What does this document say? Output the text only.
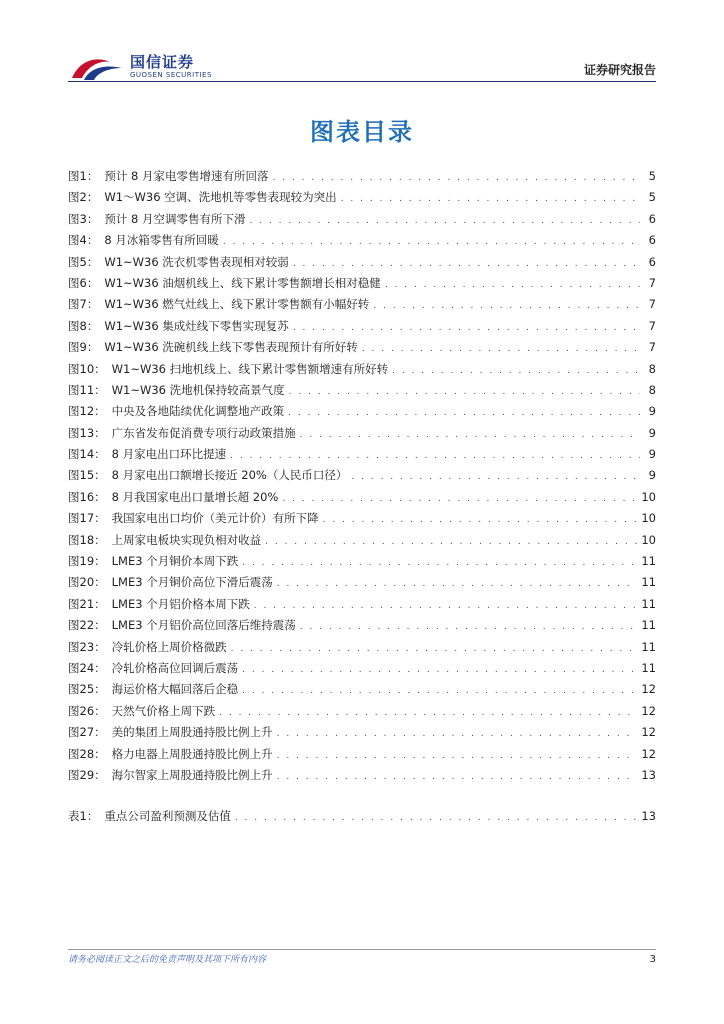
国信证券
GUOSEN SECURITIES	证券研究报告
图表目录
图1： 预计 8 月家电零售增速有所回落 . . .	5
图2： W1～W36 空调、洗地机等零售表现较为突出 . . .	5
图3： 预计 8 月空调零售有所下滑 . . .	6
图4： 8 月冰箱零售有所回暖 . . .	6
图5： W1~W36 洗衣机零售表现相对较弱 . . .	6
图6： W1~W36 油烟机线上、线下累计零售额增长相对稳健 . . .	7
图7： W1~W36 燃气灶线上、线下累计零售额有小幅好转 . . .	7
图8： W1~W36 集成灶线下零售实现复苏 . . .	7
图9： W1~W36 洗碗机线上线下零售表现预计有所好转 . . .	7
图10： W1~W36 扫地机线上、线下累计零售额增速有所好转 . . .	8
图11： W1~W36 洗地机保持较高景气度 . . .	8
图12： 中央及各地陆续优化调整地产政策 . . .	9
图13： 广东省发布促消费专项行动政策措施 . . .	9
图14： 8 月家电出口环比提速 . . .	9
图15： 8 月家电出口额增长接近 20%（人民币口径） . . .	9
图16： 8 月我国家电出口量增长超 20% . . .	10
图17： 我国家电出口均价（美元计价）有所下降 . . .	10
图18： 上周家电板块实现负相对收益 . . .	10
图19： LME3 个月铜价本周下跌 . . .	11
图20： LME3 个月铜价高位下滑后震荡 . . .	11
图21： LME3 个月铝价格本周下跌 . . .	11
图22： LME3 个月铝价高位回落后维持震荡 . . .	11
图23： 冷轧价格上周价格微跌 . . .	11
图24： 冷轧价格高位回调后震荡 . . .	11
图25： 海运价格大幅回落后企稳 . . .	12
图26： 天然气价格上周下跌 . . .	12
图27： 美的集团上周股通持股比例上升 . . .	12
图28： 格力电器上周股通持股比例上升 . . .	12
图29： 海尔智家上周股通持股比例上升 . . .	13
表1： 重点公司盈利预测及估值 . . .	13
请务必阅读正文之后的免责声明及其项下所有内容	3
